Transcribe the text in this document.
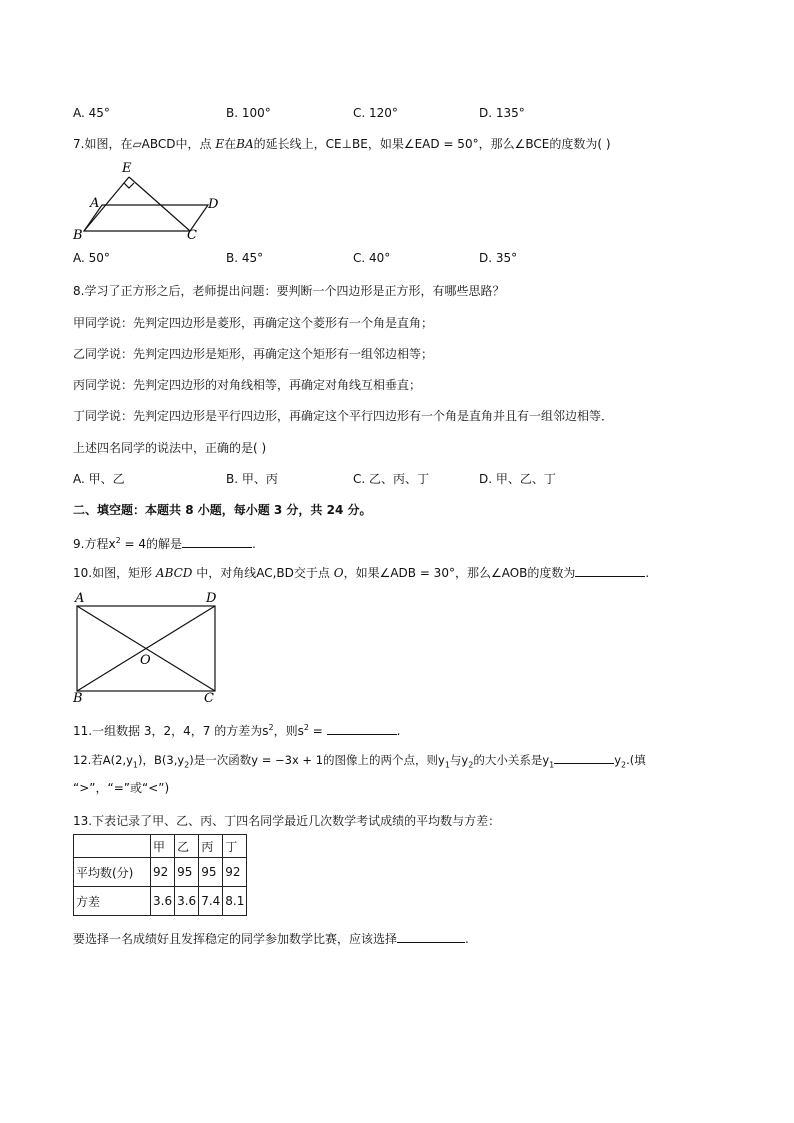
A. 45°	B. 100°	C. 120°	D. 135°
7.如图，在▱ABCD中，点 E在BA的延长线上，CE⊥BE，如果∠EAD = 50°，那么∠BCE的度数为( )
E
A	D
B	C
A. 50°	B. 45°	C. 40°	D. 35°
8.学习了正方形之后，老师提出问题：要判断一个四边形是正方形，有哪些思路？
甲同学说：先判定四边形是菱形，再确定这个菱形有一个角是直角；
乙同学说：先判定四边形是矩形，再确定这个矩形有一组邻边相等；
丙同学说：先判定四边形的对角线相等，再确定对角线互相垂直；
丁同学说：先判定四边形是平行四边形，再确定这个平行四边形有一个角是直角并且有一组邻边相等．
上述四名同学的说法中，正确的是( )
A. 甲、乙	B. 甲、丙	C. 乙、丙、丁	D. 甲、乙、丁
二、填空题：本题共 8 小题，每小题 3 分，共 24 分。
9.方程$x^2 = 4$的解是	.
10.如图，矩形 ABCD 中，对角线AC,BD交于点 O，如果∠ADB = 30°，那么∠AOB的度数为	.
A	D
O
B	C
11.一组数据 3，2，4，7 的方差为$s^2$，则$s^2$ =	.
12.若$A(2,y_1)$，$B(3,y_2)$是一次函数y = −3x + 1的图像上的两个点，则$y_1$与$y_2$的大小关系是$y_1$	$y_2$.(填
“>”，“=”或“<”)
13.下表记录了甲、乙、丙、丁四名同学最近几次数学考试成绩的平均数与方差：
	甲	乙	丙	丁
平均数(分)	92	95	95	92
方差	3.6	3.6	7.4	8.1
要选择一名成绩好且发挥稳定的同学参加数学比赛，应该选择	.
